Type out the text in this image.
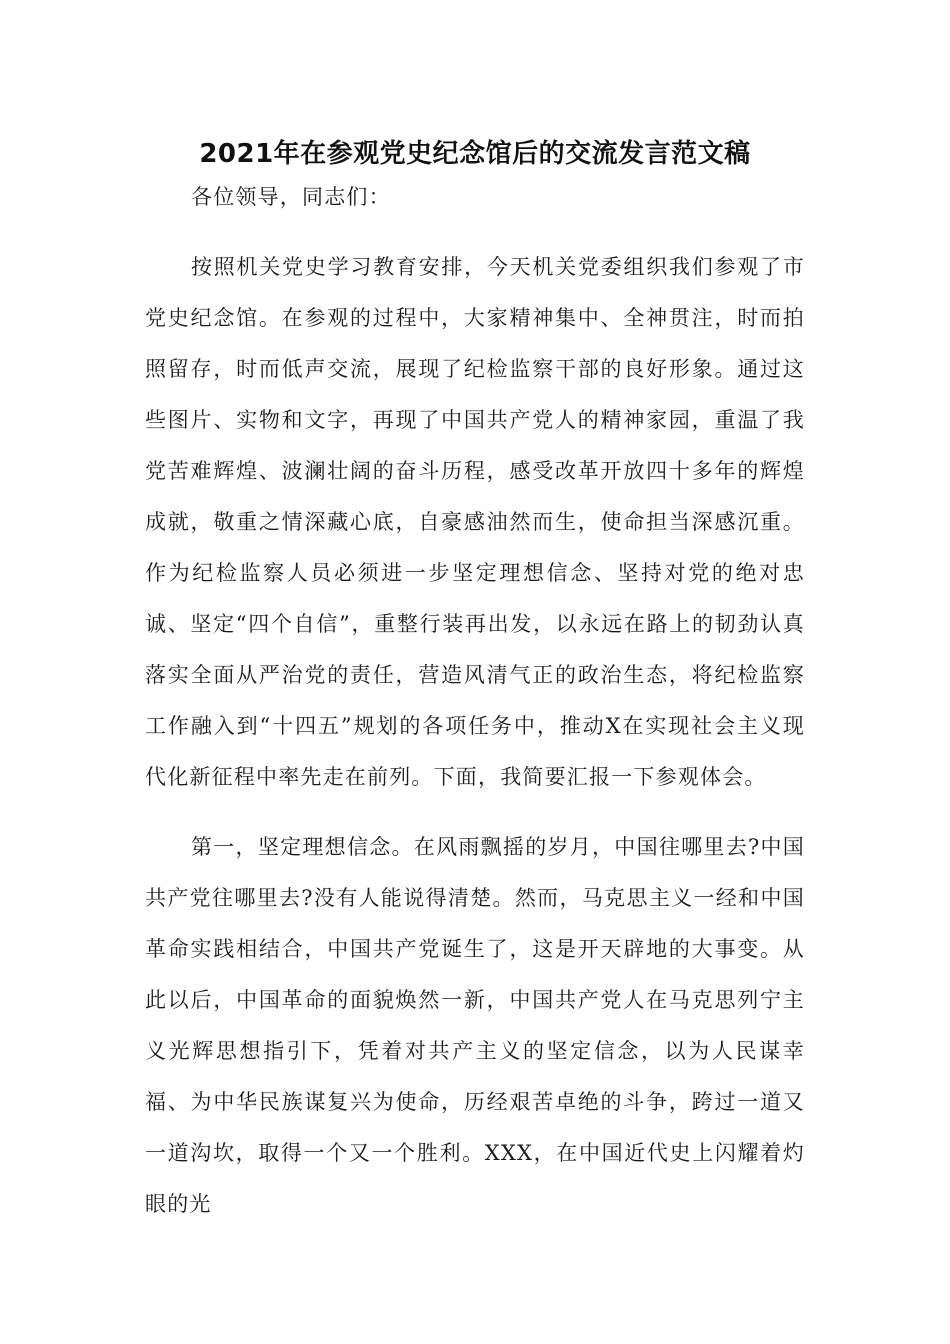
2021年在参观党史纪念馆后的交流发言范文稿

各位领导，同志们：

按照机关党史学习教育安排，今天机关党委组织我们参观了市党史纪念馆。在参观的过程中，大家精神集中、全神贯注，时而拍照留存，时而低声交流，展现了纪检监察干部的良好形象。通过这些图片、实物和文字，再现了中国共产党人的精神家园，重温了我党苦难辉煌、波澜壮阔的奋斗历程，感受改革开放四十多年的辉煌成就，敬重之情深藏心底，自豪感油然而生，使命担当深感沉重。作为纪检监察人员必须进一步坚定理想信念、坚持对党的绝对忠诚、坚定“四个自信”，重整行装再出发，以永远在路上的韧劲认真落实全面从严治党的责任，营造风清气正的政治生态，将纪检监察工作融入到“十四五”规划的各项任务中，推动X在实现社会主义现代化新征程中率先走在前列。下面，我简要汇报一下参观体会。

第一，坚定理想信念。在风雨飘摇的岁月，中国往哪里去?中国共产党往哪里去?没有人能说得清楚。然而，马克思主义一经和中国革命实践相结合，中国共产党诞生了，这是开天辟地的大事变。从此以后，中国革命的面貌焕然一新，中国共产党人在马克思列宁主义光辉思想指引下，凭着对共产主义的坚定信念，以为人民谋幸福、为中华民族谋复兴为使命，历经艰苦卓绝的斗争，跨过一道又一道沟坎，取得一个又一个胜利。XXX，在中国近代史上闪耀着灼眼的光
